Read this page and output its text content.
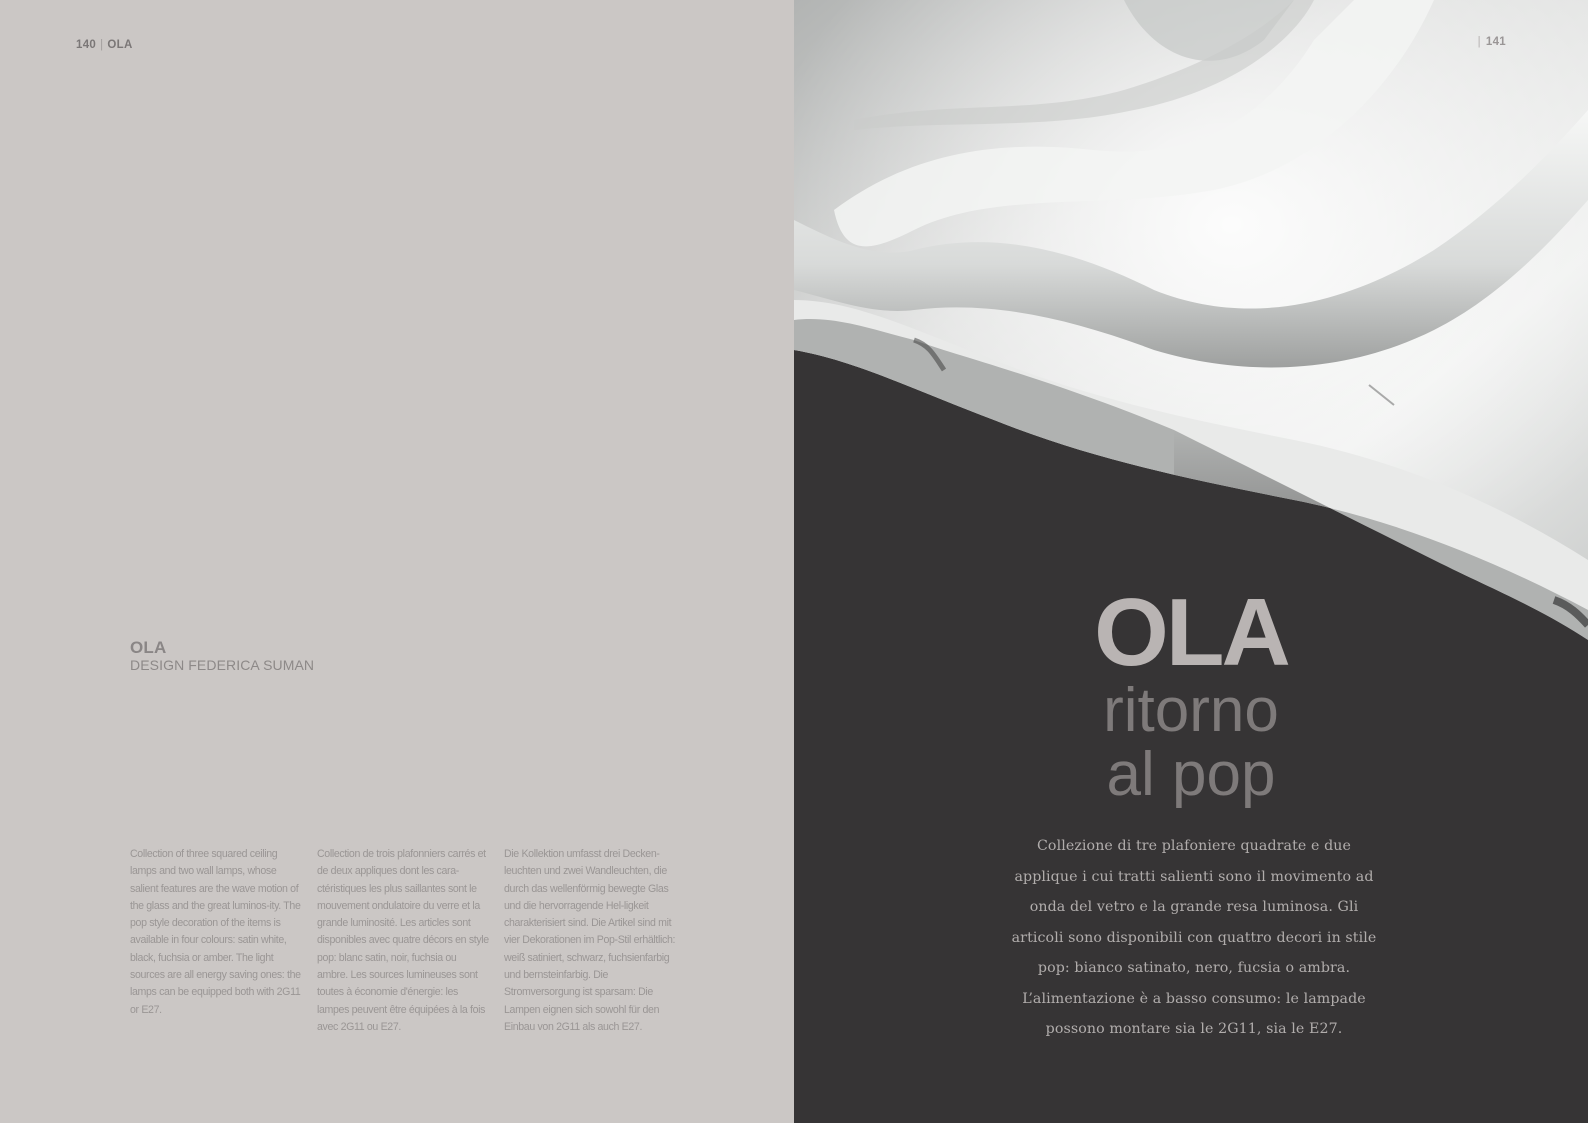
140 | OLA
OLA
DESIGN FEDERICA SUMAN
Collection of three squared ceiling lamps and two wall lamps, whose salient features are the wave motion of the glass and the great luminos-ity. The pop style decoration of the items is available in four colours: satin white, black, fuchsia or amber. The light sources are all energy saving ones: the lamps can be equipped both with 2G11 or E27.
Collection de trois plafonniers carrés et de deux appliques dont les cara-ctéristiques les plus saillantes sont le mouvement ondulatoire du verre et la grande luminosité. Les articles sont disponibles avec quatre décors en style pop: blanc satin, noir, fuchsia ou ambre. Les sources lumineuses sont toutes à économie d'énergie: les lampes peuvent être équipées à la fois avec 2G11 ou E27.
Die Kollektion umfasst drei Decken-leuchten und zwei Wandleuchten, die durch das wellenförmig bewegte Glas und die hervorragende Hel-ligkeit charakterisiert sind. Die Artikel sind mit vier Dekorationen im Pop-Stil erhältlich: weiß satiniert, schwarz, fuchsienfarbig und bernsteinfarbig. Die Stromversorgung ist sparsam: Die Lampen eignen sich sowohl für den Einbau von 2G11 als auch E27.
| 141
OLA
ritorno
al pop
Collezione di tre plafoniere quadrate e due applique i cui tratti salienti sono il movimento ad onda del vetro e la grande resa luminosa. Gli articoli sono disponibili con quattro decori in stile pop: bianco satinato, nero, fucsia o ambra. L’alimentazione è a basso consumo: le lampade possono montare sia le 2G11, sia le E27.
